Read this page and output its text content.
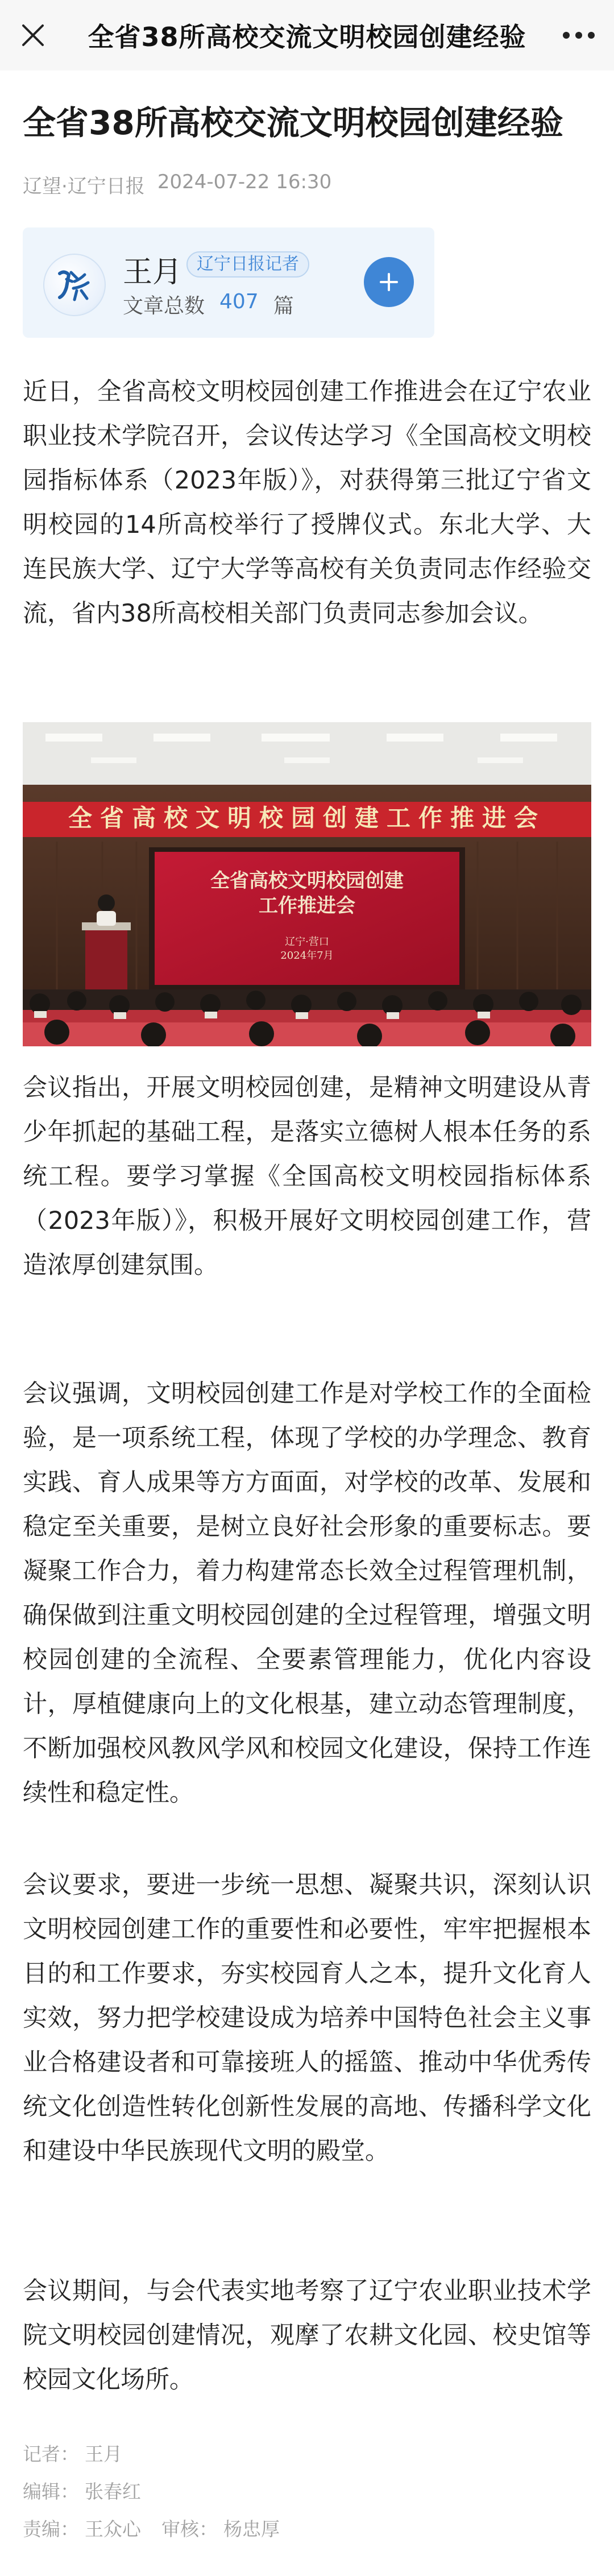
全省38所高校交流文明校园创建经验
全省38所高校交流文明校园创建经验
辽望·辽宁日报 2024-07-22 16:30
王月 辽宁日报记者
文章总数 407 篇

近日，全省高校文明校园创建工作推进会在辽宁农业职业技术学院召开，会议传达学习《全国高校文明校园指标体系（2023年版）》，对获得第三批辽宁省文明校园的14所高校举行了授牌仪式。东北大学、大连民族大学、辽宁大学等高校有关负责同志作经验交流，省内38所高校相关部门负责同志参加会议。

全省高校文明校园创建工作推进会
全省高校文明校园创建
工作推进会
辽宁·营口
2024年7月

会议指出，开展文明校园创建，是精神文明建设从青少年抓起的基础工程，是落实立德树人根本任务的系统工程。要学习掌握《全国高校文明校园指标体系（2023年版）》，积极开展好文明校园创建工作，营造浓厚创建氛围。

会议强调，文明校园创建工作是对学校工作的全面检验，是一项系统工程，体现了学校的办学理念、教育实践、育人成果等方方面面，对学校的改革、发展和稳定至关重要，是树立良好社会形象的重要标志。要凝聚工作合力，着力构建常态长效全过程管理机制，确保做到注重文明校园创建的全过程管理，增强文明校园创建的全流程、全要素管理能力，优化内容设计，厚植健康向上的文化根基，建立动态管理制度，不断加强校风教风学风和校园文化建设，保持工作连续性和稳定性。

会议要求，要进一步统一思想、凝聚共识，深刻认识文明校园创建工作的重要性和必要性，牢牢把握根本目的和工作要求，夯实校园育人之本，提升文化育人实效，努力把学校建设成为培养中国特色社会主义事业合格建设者和可靠接班人的摇篮、推动中华优秀传统文化创造性转化创新性发展的高地、传播科学文化和建设中华民族现代文明的殿堂。

会议期间，与会代表实地考察了辽宁农业职业技术学院文明校园创建情况，观摩了农耕文化园、校史馆等校园文化场所。

记者： 王月
编辑： 张春红
责编： 王众心 审核： 杨忠厚
